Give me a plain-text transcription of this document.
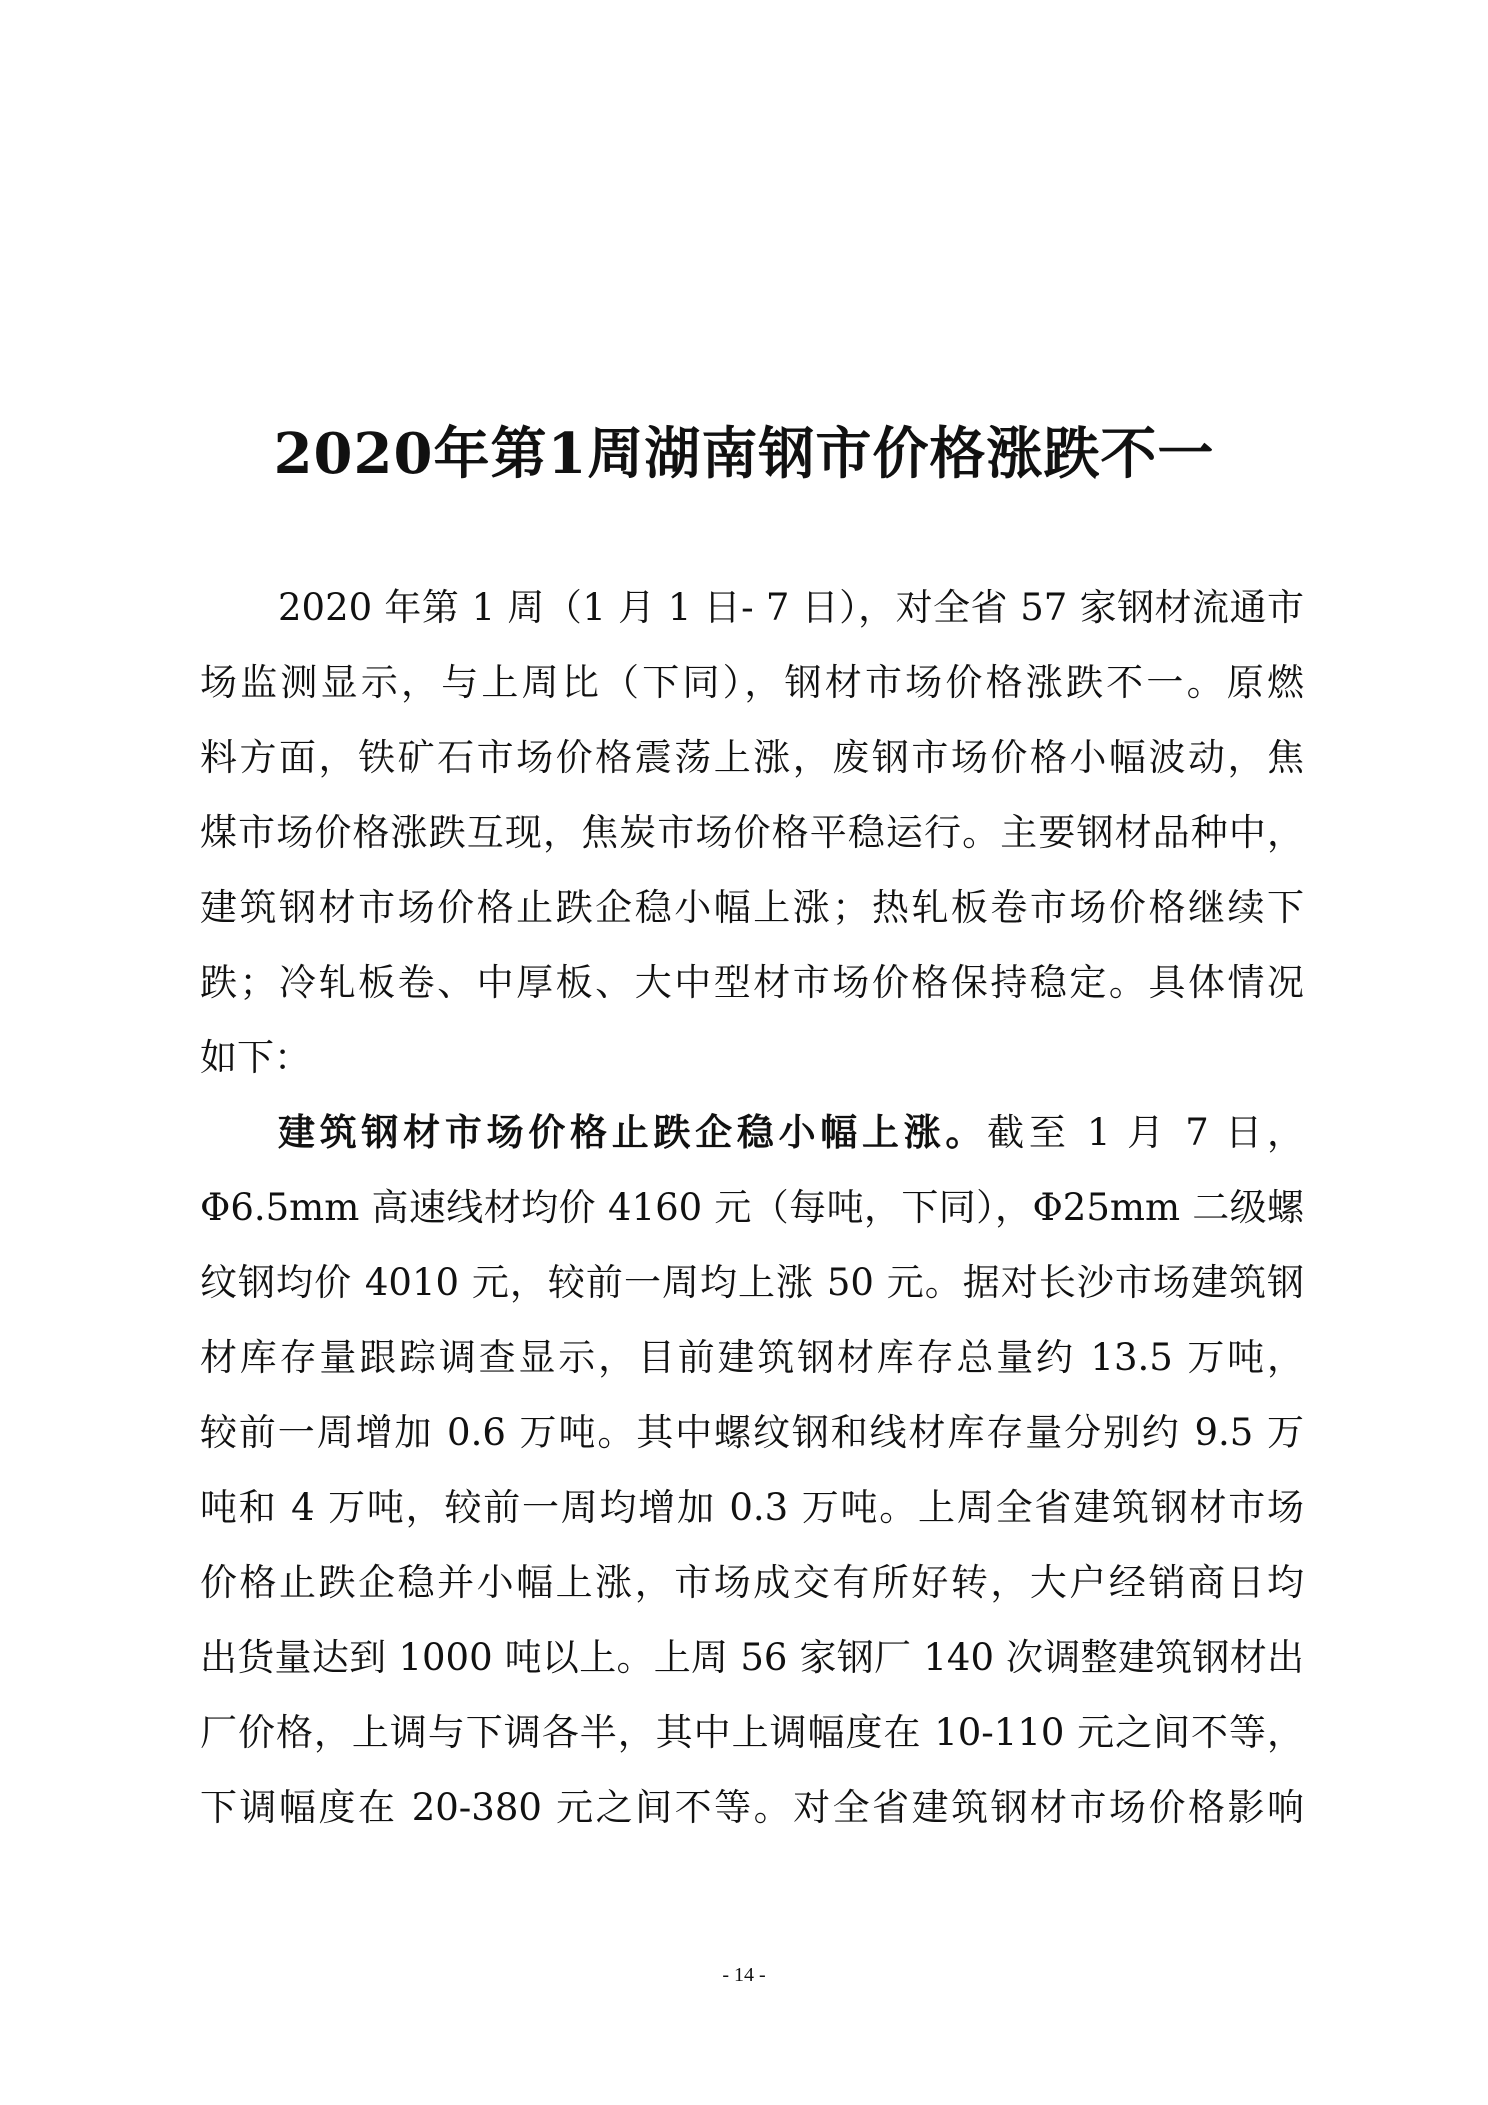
2020年第1周湖南钢市价格涨跌不一
2020 年第 1 周（1 月 1 日- 7 日），对全省 57 家钢材流通市
场监测显示，与上周比（下同），钢材市场价格涨跌不一。原燃
料方面，铁矿石市场价格震荡上涨，废钢市场价格小幅波动，焦
煤市场价格涨跌互现，焦炭市场价格平稳运行。主要钢材品种中，
建筑钢材市场价格止跌企稳小幅上涨；热轧板卷市场价格继续下
跌；冷轧板卷、中厚板、大中型材市场价格保持稳定。具体情况
如下：
建筑钢材市场价格止跌企稳小幅上涨。截至 1 月 7 日，
Φ6.5mm 高速线材均价 4160 元（每吨，下同），Φ25mm 二级螺
纹钢均价 4010 元，较前一周均上涨 50 元。据对长沙市场建筑钢
材库存量跟踪调查显示，目前建筑钢材库存总量约 13.5 万吨，
较前一周增加 0.6 万吨。其中螺纹钢和线材库存量分别约 9.5 万
吨和 4 万吨，较前一周均增加 0.3 万吨。上周全省建筑钢材市场
价格止跌企稳并小幅上涨，市场成交有所好转，大户经销商日均
出货量达到 1000 吨以上。上周 56 家钢厂 140 次调整建筑钢材出
厂价格，上调与下调各半，其中上调幅度在 10-110 元之间不等，
下调幅度在 20-380 元之间不等。对全省建筑钢材市场价格影响
- 14 -
